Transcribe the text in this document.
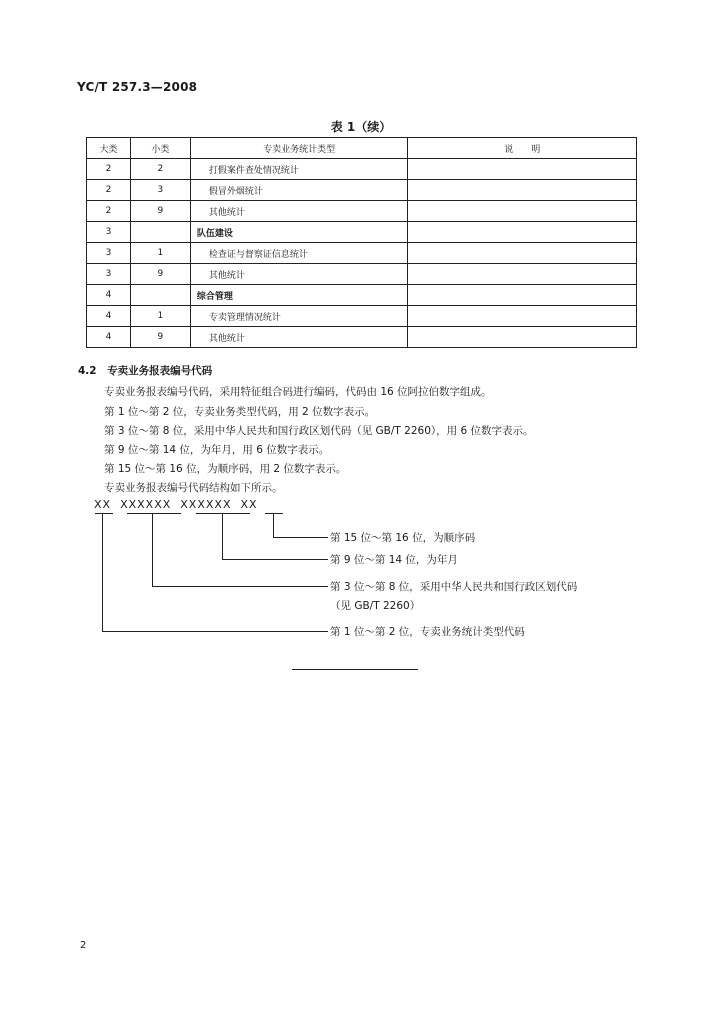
YC/T 257.3—2008
表 1（续）
大类	小类	专卖业务统计类型	说　　明
2	2	打假案件查处情况统计	
2	3	假冒外烟统计	
2	9	其他统计	
3		队伍建设	
3	1	检查证与督察证信息统计	
3	9	其他统计	
4		综合管理	
4	1	专卖管理情况统计	
4	9	其他统计	
4.2　专卖业务报表编号代码
专卖业务报表编号代码，采用特征组合码进行编码，代码由 16 位阿拉伯数字组成。
第 1 位～第 2 位，专卖业务类型代码，用 2 位数字表示。
第 3 位～第 8 位，采用中华人民共和国行政区划代码（见 GB/T 2260），用 6 位数字表示。
第 9 位～第 14 位，为年月，用 6 位数字表示。
第 15 位～第 16 位，为顺序码，用 2 位数字表示。
专卖业务报表编号代码结构如下所示。
XX  XXXXXX  XXXXXX  XX
第 15 位～第 16 位，为顺序码
第 9 位～第 14 位，为年月
第 3 位～第 8 位，采用中华人民共和国行政区划代码
（见 GB/T 2260）
第 1 位～第 2 位，专卖业务统计类型代码
2
